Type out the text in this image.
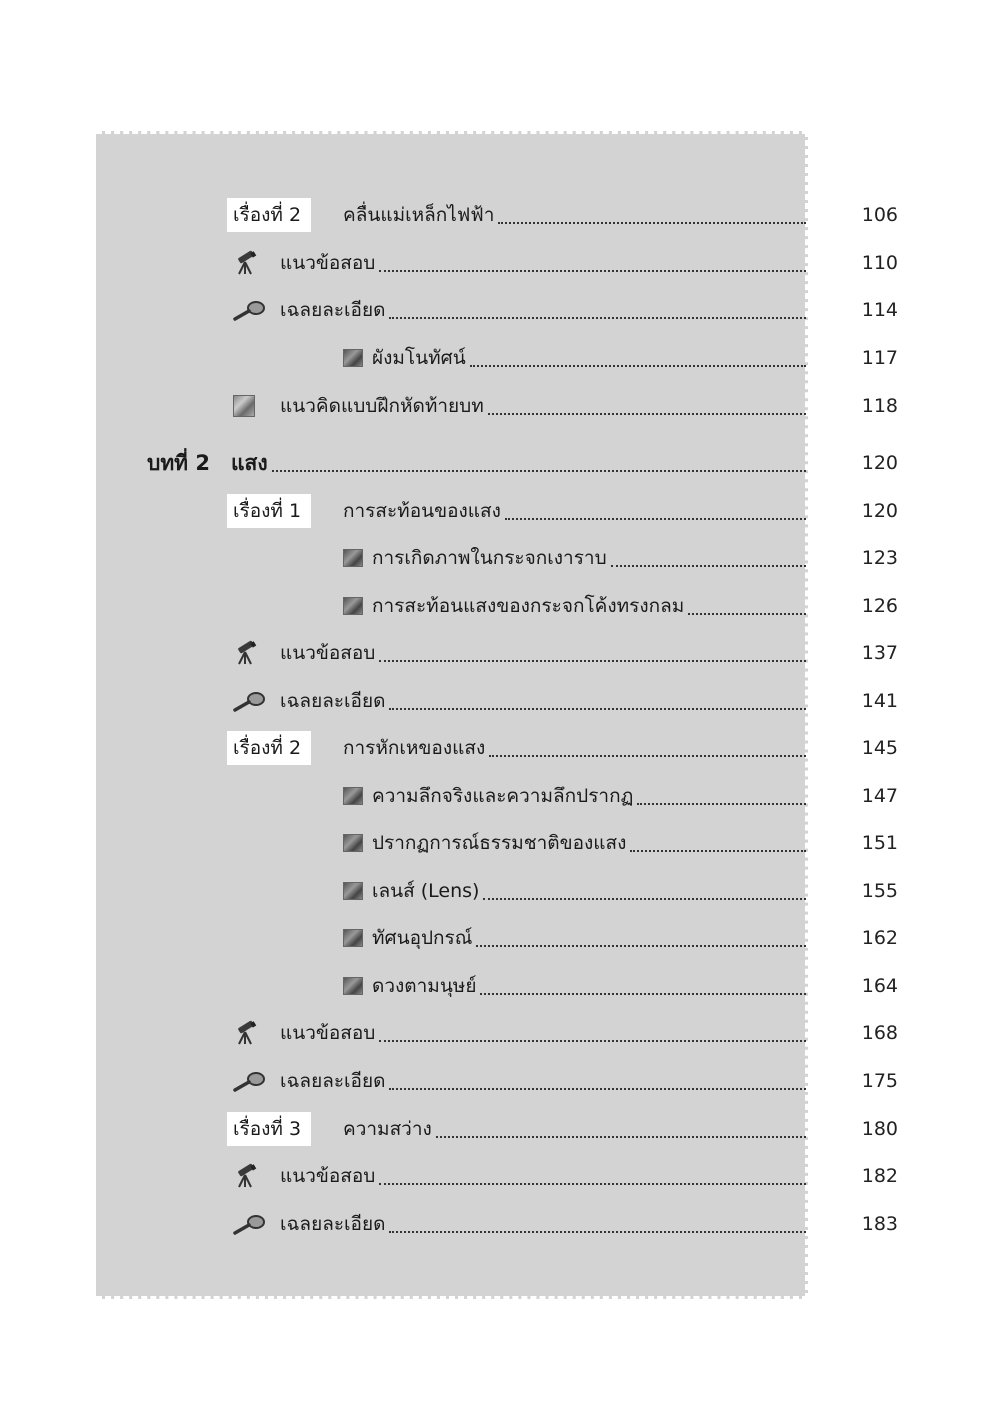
เรื่องที่ 2	คลื่นแม่เหล็กไฟฟ้า	106
แนวข้อสอบ	110
เฉลยละเอียด	114
ผังมโนทัศน์	117
แนวคิดแบบฝึกหัดท้ายบท	118
บทที่ 2 แสง	120
เรื่องที่ 1	การสะท้อนของแสง	120
การเกิดภาพในกระจกเงาราบ	123
การสะท้อนแสงของกระจกโค้งทรงกลม	126
แนวข้อสอบ	137
เฉลยละเอียด	141
เรื่องที่ 2	การหักเหของแสง	145
ความลึกจริงและความลึกปรากฏ	147
ปรากฏการณ์ธรรมชาติของแสง	151
เลนส์ (Lens)	155
ทัศนอุปกรณ์	162
ดวงตามนุษย์	164
แนวข้อสอบ	168
เฉลยละเอียด	175
เรื่องที่ 3	ความสว่าง	180
แนวข้อสอบ	182
เฉลยละเอียด	183
